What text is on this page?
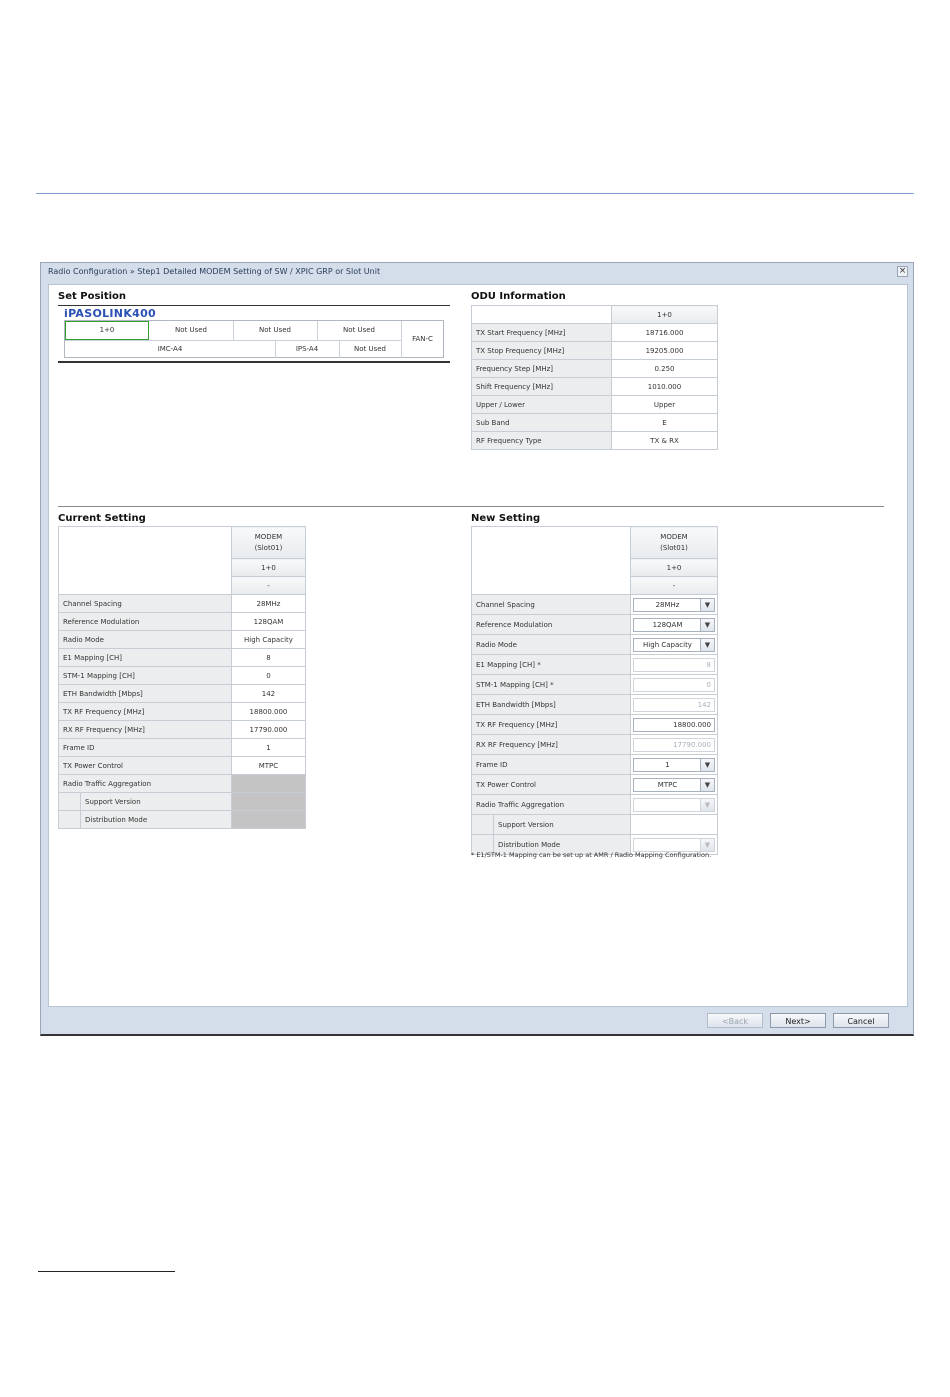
Radio Configuration » Step1 Detailed MODEM Setting of SW / XPIC GRP or Slot Unit	×
Set Position
iPASOLINK400
1+0	Not Used	Not Used	Not Used
IMC-A4	IPS-A4	Not Used
FAN-C
ODU Information
	1+0
TX Start Frequency [MHz]	18716.000
TX Stop Frequency [MHz]	19205.000
Frequency Step [MHz]	0.250
Shift Frequency [MHz]	1010.000
Upper / Lower	Upper
Sub Band	E
RF Frequency Type	TX & RX
Current Setting
		MODEM
(Slot01)
		1+0
		-
Channel Spacing		28MHz
Reference Modulation		128QAM
Radio Mode		High Capacity
E1 Mapping [CH]		8
STM-1 Mapping [CH]		0
ETH Bandwidth [Mbps]		142
TX RF Frequency [MHz]		18800.000
RX RF Frequency [MHz]		17790.000
Frame ID		1
TX Power Control		MTPC
Radio Traffic Aggregation		
	Support Version	
	Distribution Mode	
New Setting
		MODEM
(Slot01)
		1+0
		-
Channel Spacing		28MHz ▼

Reference Modulation		128QAM ▼

Radio Mode		High Capacity ▼

E1 Mapping [CH] *		8

STM-1 Mapping [CH] *		0

ETH Bandwidth [Mbps]		142

TX RF Frequency [MHz]		18800.000

RX RF Frequency [MHz]		17790.000

Frame ID		1 ▼

TX Power Control		MTPC ▼

Radio Traffic Aggregation		▼

	Support Version	
	Distribution Mode	▼
* E1/STM-1 Mapping can be set up at AMR / Radio Mapping Configuration.
<Back	Next>	Cancel
